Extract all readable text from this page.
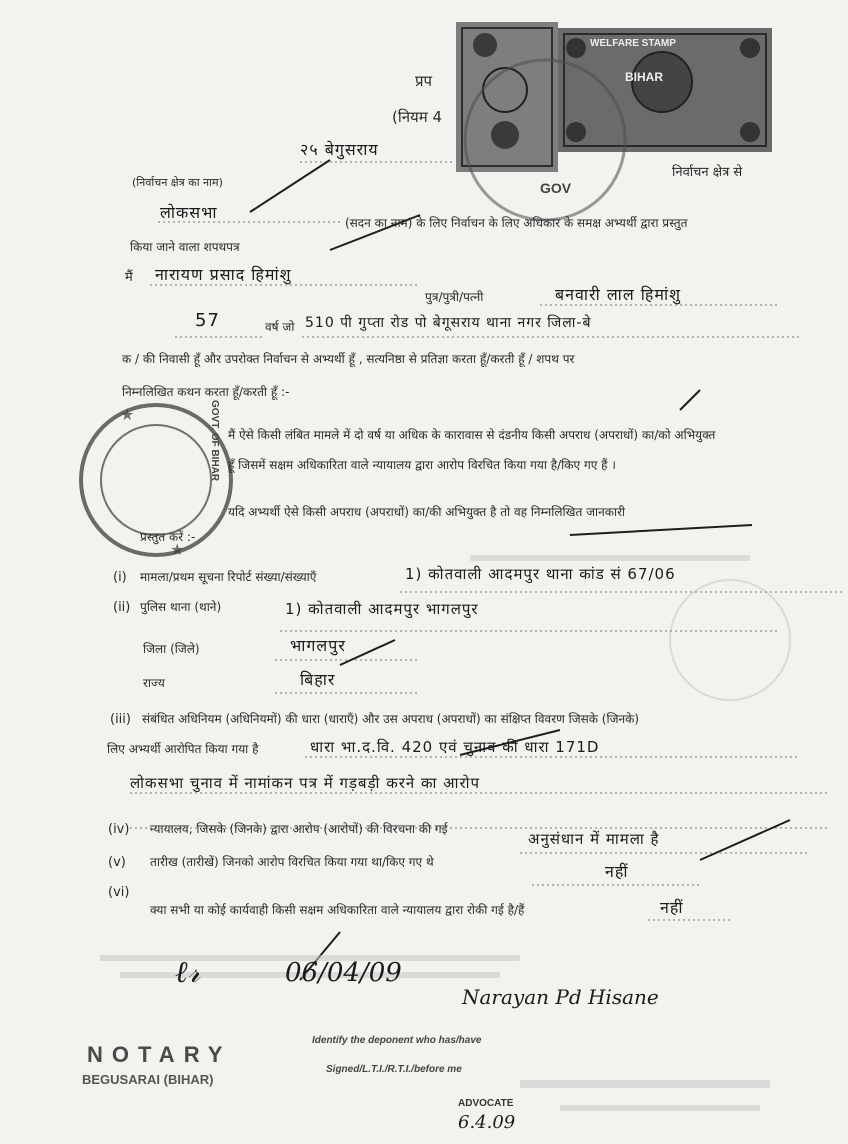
★
★
WELFARE STAMP
BIHAR
GOV
GOVT. OF BIHAR
प्रप
(नियम 4
२५ बेगुसराय
निर्वाचन क्षेत्र से
(निर्वाचन क्षेत्र का नाम)
लोकसभा
(सदन का नाम) के लिए निर्वाचन के लिए अधिकार के समक्ष अभ्यर्थी द्वारा प्रस्तुत
किया जाने वाला शपथपत्र
मैं नारायण प्रसाद हिमांशु
पुत्र/पुत्री/पत्नी	बनवारी लाल हिमांशु
57	वर्ष जो 510 पी गुप्ता रोड पो बेगूसराय थाना नगर जिला-बे
क / की निवासी हूँ और उपरोक्त निर्वाचन से अभ्यर्थी हूँ , सत्यनिष्ठा से प्रतिज्ञा करता हूँ/करती हूँ / शपथ पर
निम्नलिखित कथन करता हूँ/करती हूँ :-
मैं ऐसे किसी लंबित मामले में दो वर्ष या अधिक के कारावास से दंडनीय किसी अपराध (अपराधों) का/को अभियुक्त
हूँ जिसमें सक्षम अधिकारिता वाले न्यायालय द्वारा आरोप विरचित किया गया है/किए गए हैं ।
यदि अभ्यर्थी ऐसे किसी अपराध (अपराधों) का/की अभियुक्त है तो वह निम्नलिखित जानकारी
प्रस्तुत करें :-
(i) मामला/प्रथम सूचना रिपोर्ट संख्या/संख्याएँ	1) कोतवाली आदमपुर थाना कांड सं 67/06
(ii) पुलिस थाना (थाने)	1) कोतवाली आदमपुर भागलपुर
जिला (जिले)	भागलपुर
राज्य	बिहार
(iii) संबंधित अधिनियम (अधिनियमों) की धारा (धाराएँ) और उस अपराध (अपराधों) का संक्षिप्त विवरण जिसके (जिनके)
लिए अभ्यर्थी आरोपित किया गया है	धारा भा.द.वि. 420 एवं चुनाव की धारा 171D
लोकसभा चुनाव में नामांकन पत्र में गड़बड़ी करने का आरोप
(iv) न्यायालय, जिसके (जिनके) द्वारा आरोप (आरोपों) की विरचना की गई
अनुसंधान में मामला है
(v) तारीख (तारीखें) जिनको आरोप विरचित किया गया था/किए गए थे	नहीं
(vi)
क्या सभी या कोई कार्यवाही किसी सक्षम अधिकारिता वाले न्यायालय द्वारा रोकी गई है/हैं	नहीं
ℓ𝓇	06/04/09
Narayan Pd Hisane
NOTARY
BEGUSARAI (BIHAR)
Identify the deponent who has/have
Signed/L.T.I./R.T.I./before me
ADVOCATE
6.4.09
